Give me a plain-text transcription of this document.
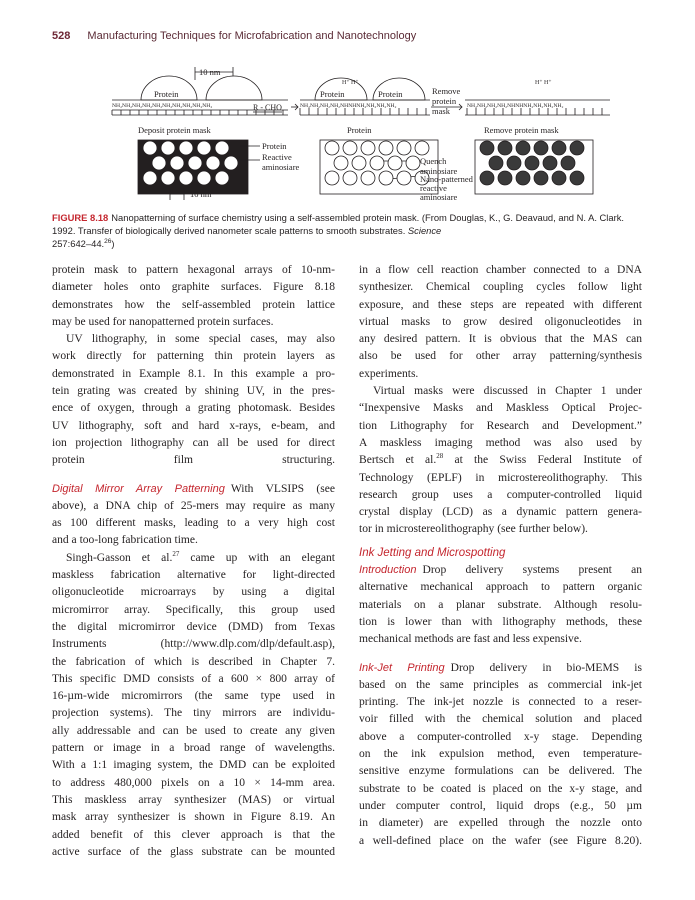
528 Manufacturing Techniques for Microfabrication and Nanotechnology
10 nm
Protein	Protein	Protein
H⁺ H⁺	H⁺ H⁺
NH₂NH₂NH₂NH₂NH₂NH₂NH₂NH₂NH₂NH₂	NH₂NH₂NH₂NH₂NHNHNH₂NH₂NH₂NH₂	NH₂NH₂NH₂NH₂NHNHNH₂NH₂NH₂NH₂
R - CHO
Remove
protein
mask
Deposit protein mask	Protein	Remove protein mask
Protein
Reactive
aminosiare
Quench
aminosiare
Nano-patterned
reactive
aminosiare
10 nm
FIGURE 8.18 Nanopatterning of surface chemistry using a self-assembled protein mask. (From Douglas, K., G. Deavaud, and N. A. Clark. 1992. Transfer of biologically derived nanometer scale patterns to smooth substrates. Science
257:642–44.26)

protein mask to pattern hexagonal arrays of 10-nm-
diameter holes onto graphite surfaces. Figure 8.18
demonstrates how the self-assembled protein lattice
may be used for nanopatterned protein surfaces.

UV lithography, in some special cases, may also
work directly for patterning thin protein layers as
demonstrated in Example 8.1. In this example a pro-
tein grating was created by shining UV, in the pres-
ence of oxygen, through a grating photomask. Besides
UV lithography, soft and hard x-rays, e-beam, and
ion projection lithography can all be used for direct
protein film structuring.

Digital Mirror Array Patterning With VLSIPS (see
above), a DNA chip of 25-mers may require as many
as 100 different masks, leading to a very high cost
and a too-long fabrication time.

Singh-Gasson et al.$^{27}$ came up with an elegant
maskless fabrication alternative for light-directed
oligonucleotide microarrays by using a digital
micromirror array. Specifically, this group used
the digital micromirror device (DMD) from Texas
Instruments (http://www.dlp.com/dlp/default.asp),
the fabrication of which is described in Chapter 7.
This specific DMD consists of a 600 × 800 array of
16-µm-wide micromirrors (the same type used in
projection systems). The tiny mirrors are individu-
ally addressable and can be used to create any given
pattern or image in a broad range of wavelengths.
With a 1:1 imaging system, the DMD can be exploited
to address 480,000 pixels on a 10 × 14-mm area.
This maskless array synthesizer (MAS) or virtual
mask array synthesizer is shown in Figure 8.19. An
added benefit of this clever approach is that the
active surface of the glass substrate can be mounted

in a flow cell reaction chamber connected to a DNA
synthesizer. Chemical coupling cycles follow light
exposure, and these steps are repeated with different
virtual masks to grow desired oligonucleotides in
any desired pattern. It is obvious that the MAS can
also be used for other array patterning/synthesis
experiments.

Virtual masks were discussed in Chapter 1 under
“Inexpensive Masks and Maskless Optical Projec-
tion Lithography for Research and Development.”
A maskless imaging method was also used by
Bertsch et al.$^{28}$ at the Swiss Federal Institute of
Technology (EPLF) in microstereolithography. This
research group uses a computer-controlled liquid
crystal display (LCD) as a dynamic pattern genera-
tor in microstereolithography (see further below).

Ink Jetting and Microspotting

Introduction Drop delivery systems present an
alternative mechanical approach to pattern organic
materials on a planar substrate. Although resolu-
tion is lower than with lithography methods, these
mechanical methods are fast and less expensive.

Ink-Jet Printing Drop delivery in bio-MEMS is
based on the same principles as commercial ink-jet
printing. The ink-jet nozzle is connected to a reser-
voir filled with the chemical solution and placed
above a computer-controlled x-y stage. Depending
on the ink expulsion method, even temperature-
sensitive enzyme formulations can be delivered. The
substrate to be coated is placed on the x-y stage, and
under computer control, liquid drops (e.g., 50 µm
in diameter) are expelled through the nozzle onto
a well-defined place on the wafer (see Figure 8.20).
